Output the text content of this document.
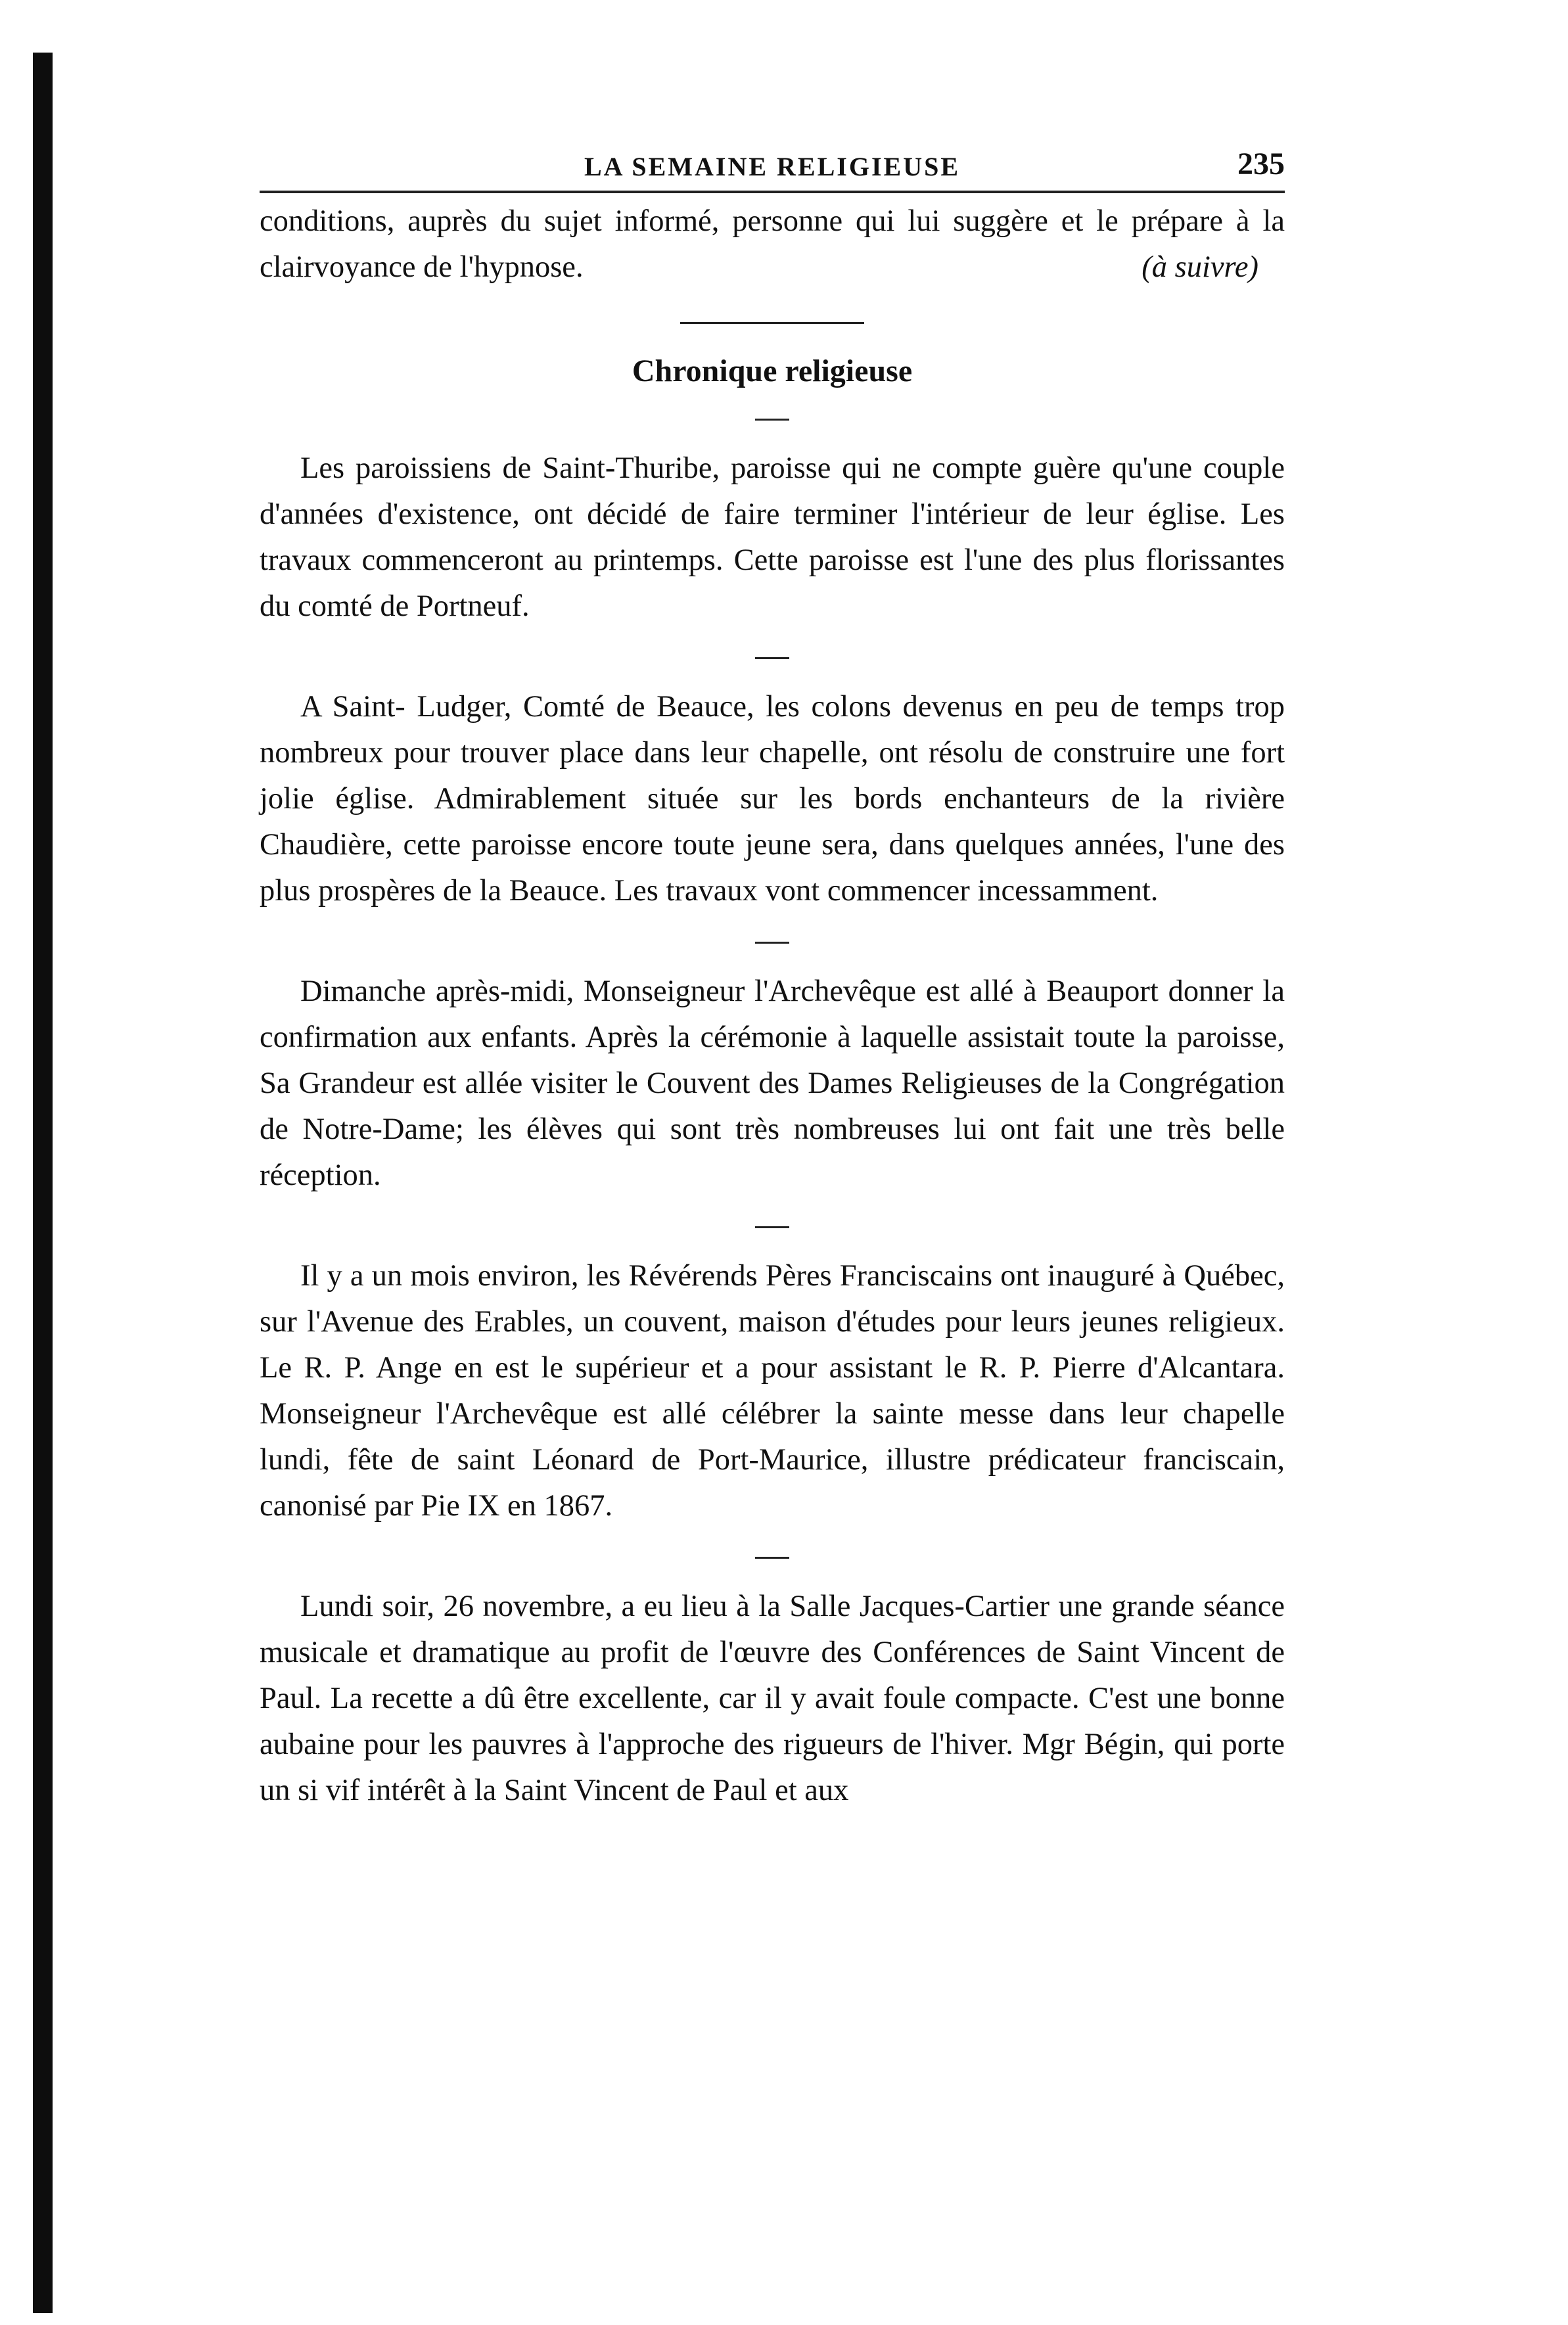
LA SEMAINE RELIGIEUSE	235

conditions, auprès du sujet informé, personne qui lui suggère et le prépare à la clairvoyance de l'hypnose.	(à suivre)

Chronique religieuse

Les paroissiens de Saint-Thuribe, paroisse qui ne compte guère qu'une couple d'années d'existence, ont décidé de faire terminer l'intérieur de leur église. Les travaux commenceront au printemps. Cette paroisse est l'une des plus florissantes du comté de Portneuf.

A Saint- Ludger, Comté de Beauce, les colons devenus en peu de temps trop nombreux pour trouver place dans leur chapelle, ont résolu de construire une fort jolie église. Admirablement située sur les bords enchanteurs de la rivière Chaudière, cette paroisse encore toute jeune sera, dans quelques années, l'une des plus prospères de la Beauce. Les travaux vont commencer incessamment.

Dimanche après-midi, Monseigneur l'Archevêque est allé à Beauport donner la confirmation aux enfants. Après la cérémonie à laquelle assistait toute la paroisse, Sa Grandeur est allée visiter le Couvent des Dames Religieuses de la Congrégation de Notre-Dame; les élèves qui sont très nombreuses lui ont fait une très belle réception.

Il y a un mois environ, les Révérends Pères Franciscains ont inauguré à Québec, sur l'Avenue des Erables, un couvent, maison d'études pour leurs jeunes religieux. Le R. P. Ange en est le supérieur et a pour assistant le R. P. Pierre d'Alcantara. Monseigneur l'Archevêque est allé célébrer la sainte messe dans leur chapelle lundi, fête de saint Léonard de Port-Maurice, illustre prédicateur franciscain, canonisé par Pie IX en 1867.

Lundi soir, 26 novembre, a eu lieu à la Salle Jacques-Cartier une grande séance musicale et dramatique au profit de l'œuvre des Conférences de Saint Vincent de Paul. La recette a dû être excellente, car il y avait foule compacte. C'est une bonne aubaine pour les pauvres à l'approche des rigueurs de l'hiver. Mgr Bégin, qui porte un si vif intérêt à la Saint Vincent de Paul et aux
